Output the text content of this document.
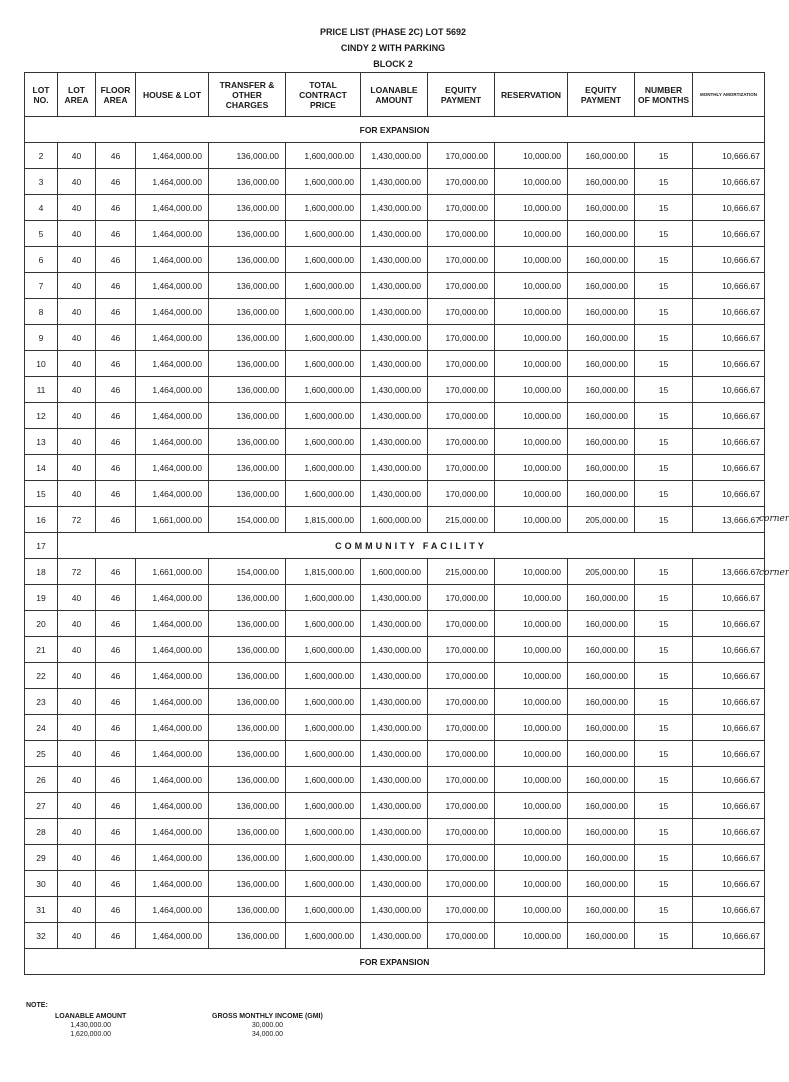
PRICE LIST (PHASE 2C) LOT 5692
CINDY 2 WITH PARKING
BLOCK 2
LOT NO.	LOT AREA	FLOOR AREA	HOUSE & LOT	TRANSFER & OTHER CHARGES	TOTAL CONTRACT PRICE	LOANABLE AMOUNT	EQUITY PAYMENT	RESERVATION	EQUITY PAYMENT	NUMBER OF MONTHS	MONTHLY AMORTIZATION
FOR EXPANSION											
2	40	46	1,464,000.00	136,000.00	1,600,000.00	1,430,000.00	170,000.00	10,000.00	160,000.00	15	10,666.67
3	40	46	1,464,000.00	136,000.00	1,600,000.00	1,430,000.00	170,000.00	10,000.00	160,000.00	15	10,666.67
4	40	46	1,464,000.00	136,000.00	1,600,000.00	1,430,000.00	170,000.00	10,000.00	160,000.00	15	10,666.67
5	40	46	1,464,000.00	136,000.00	1,600,000.00	1,430,000.00	170,000.00	10,000.00	160,000.00	15	10,666.67
6	40	46	1,464,000.00	136,000.00	1,600,000.00	1,430,000.00	170,000.00	10,000.00	160,000.00	15	10,666.67
7	40	46	1,464,000.00	136,000.00	1,600,000.00	1,430,000.00	170,000.00	10,000.00	160,000.00	15	10,666.67
8	40	46	1,464,000.00	136,000.00	1,600,000.00	1,430,000.00	170,000.00	10,000.00	160,000.00	15	10,666.67
9	40	46	1,464,000.00	136,000.00	1,600,000.00	1,430,000.00	170,000.00	10,000.00	160,000.00	15	10,666.67
10	40	46	1,464,000.00	136,000.00	1,600,000.00	1,430,000.00	170,000.00	10,000.00	160,000.00	15	10,666.67
11	40	46	1,464,000.00	136,000.00	1,600,000.00	1,430,000.00	170,000.00	10,000.00	160,000.00	15	10,666.67
12	40	46	1,464,000.00	136,000.00	1,600,000.00	1,430,000.00	170,000.00	10,000.00	160,000.00	15	10,666.67
13	40	46	1,464,000.00	136,000.00	1,600,000.00	1,430,000.00	170,000.00	10,000.00	160,000.00	15	10,666.67
14	40	46	1,464,000.00	136,000.00	1,600,000.00	1,430,000.00	170,000.00	10,000.00	160,000.00	15	10,666.67
15	40	46	1,464,000.00	136,000.00	1,600,000.00	1,430,000.00	170,000.00	10,000.00	160,000.00	15	10,666.67
16	72	46	1,661,000.00	154,000.00	1,815,000.00	1,600,000.00	215,000.00	10,000.00	205,000.00	15	13,666.67
17	COMMUNITY FACILITY										
18	72	46	1,661,000.00	154,000.00	1,815,000.00	1,600,000.00	215,000.00	10,000.00	205,000.00	15	13,666.67
19	40	46	1,464,000.00	136,000.00	1,600,000.00	1,430,000.00	170,000.00	10,000.00	160,000.00	15	10,666.67
20	40	46	1,464,000.00	136,000.00	1,600,000.00	1,430,000.00	170,000.00	10,000.00	160,000.00	15	10,666.67
21	40	46	1,464,000.00	136,000.00	1,600,000.00	1,430,000.00	170,000.00	10,000.00	160,000.00	15	10,666.67
22	40	46	1,464,000.00	136,000.00	1,600,000.00	1,430,000.00	170,000.00	10,000.00	160,000.00	15	10,666.67
23	40	46	1,464,000.00	136,000.00	1,600,000.00	1,430,000.00	170,000.00	10,000.00	160,000.00	15	10,666.67
24	40	46	1,464,000.00	136,000.00	1,600,000.00	1,430,000.00	170,000.00	10,000.00	160,000.00	15	10,666.67
25	40	46	1,464,000.00	136,000.00	1,600,000.00	1,430,000.00	170,000.00	10,000.00	160,000.00	15	10,666.67
26	40	46	1,464,000.00	136,000.00	1,600,000.00	1,430,000.00	170,000.00	10,000.00	160,000.00	15	10,666.67
27	40	46	1,464,000.00	136,000.00	1,600,000.00	1,430,000.00	170,000.00	10,000.00	160,000.00	15	10,666.67
28	40	46	1,464,000.00	136,000.00	1,600,000.00	1,430,000.00	170,000.00	10,000.00	160,000.00	15	10,666.67
29	40	46	1,464,000.00	136,000.00	1,600,000.00	1,430,000.00	170,000.00	10,000.00	160,000.00	15	10,666.67
30	40	46	1,464,000.00	136,000.00	1,600,000.00	1,430,000.00	170,000.00	10,000.00	160,000.00	15	10,666.67
31	40	46	1,464,000.00	136,000.00	1,600,000.00	1,430,000.00	170,000.00	10,000.00	160,000.00	15	10,666.67
32	40	46	1,464,000.00	136,000.00	1,600,000.00	1,430,000.00	170,000.00	10,000.00	160,000.00	15	10,666.67
FOR EXPANSION											
corner
corner
NOTE:
LOANABLE AMOUNT
1,430,000.00
1,620,000.00
GROSS MONTHLY INCOME (GMI)
30,000.00
34,000.00
